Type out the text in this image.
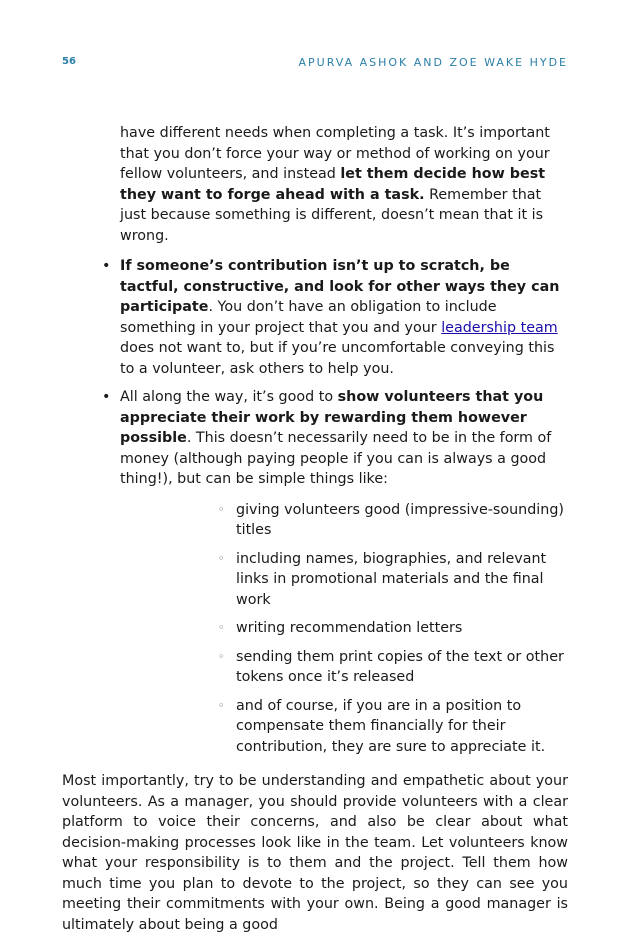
56	APURVA ASHOK AND ZOE WAKE HYDE

have different needs when completing a task. It’s important that you don’t force your way or method of working on your fellow volunteers, and instead let them decide how best they want to forge ahead with a task. Remember that just because something is different, doesn’t mean that it is wrong.

• If someone’s contribution isn’t up to scratch, be tactful, constructive, and look for other ways they can participate. You don’t have an obligation to include something in your project that you and your leadership team does not want to, but if you’re uncomfortable conveying this to a volunteer, ask others to help you.
• All along the way, it’s good to show volunteers that you appreciate their work by rewarding them however possible. This doesn’t necessarily need to be in the form of money (although paying people if you can is always a good thing!), but can be simple things like:
◦ giving volunteers good (impressive-sounding) titles
◦ including names, biographies, and relevant links in promotional materials and the final work
◦ writing recommendation letters
◦ sending them print copies of the text or other tokens once it’s released
◦ and of course, if you are in a position to compensate them financially for their contribution, they are sure to appreciate it.

Most importantly, try to be understanding and empathetic about your volunteers. As a manager, you should provide volunteers with a clear platform to voice their concerns, and also be clear about what decision-making processes look like in the team. Let volunteers know what your responsibility is to them and the project. Tell them how much time you plan to devote to the project, so they can see you meeting their commitments with your own. Being a good manager is ultimately about being a good
